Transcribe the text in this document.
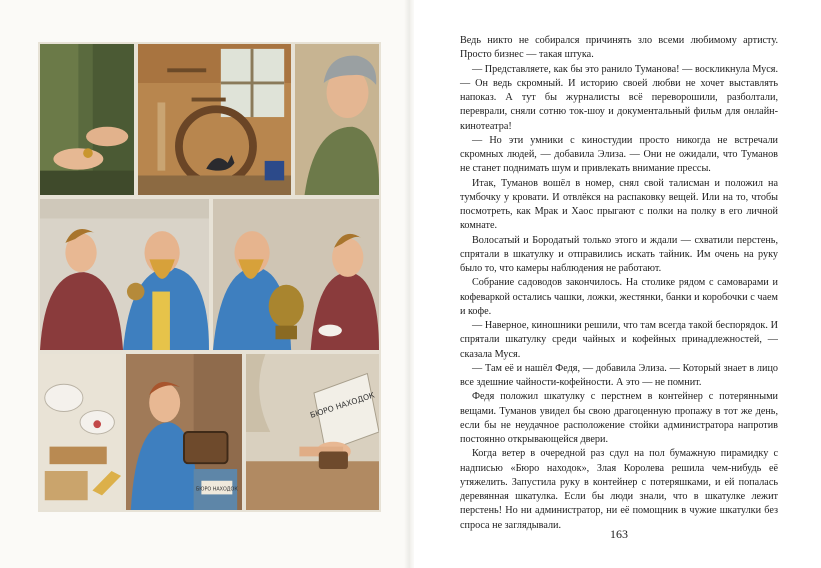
БЮРО НАХОДОК
БЮРО НАХОДОК

Ведь никто не собирался причинять зло всеми любимому артисту. Просто бизнес — такая штука.

— Представляете, как бы это ранило Туманова! — воскликнула Муся. — Он ведь скромный. И историю своей любви не хочет выставлять напоказ. А тут бы журналисты всё переворошили, разболтали, переврали, сняли сотню ток-шоу и документальный фильм для онлайн-кинотеатра!

— Но эти умники с киностудии просто никогда не встречали скромных людей, — добавила Элиза. — Они не ожидали, что Туманов не станет поднимать шум и привлекать внимание прессы.

Итак, Туманов вошёл в номер, снял свой талисман и положил на тумбочку у кровати. И отвлёкся на распаковку вещей. Или на то, чтобы посмотреть, как Мрак и Хаос прыгают с полки на полку в его личной комнате.

Волосатый и Бородатый только этого и ждали — схватили перстень, спрятали в шкатулку и отправились искать тайник. Им очень на руку было то, что камеры наблюдения не работают.

Собрание садоводов закончилось. На столике рядом с самоварами и кофеваркой остались чашки, ложки, жестянки, банки и коробочки с чаем и кофе.

— Наверное, киношники решили, что там всегда такой беспорядок. И спрятали шкатулку среди чайных и кофейных принадлежностей, — сказала Муся.

— Там её и нашёл Федя, — добавила Элиза. — Который знает в лицо все здешние чайности-кофейности. А это — не помнит.

Федя положил шкатулку с перстнем в контейнер с потерянными вещами. Туманов увидел бы свою драгоценную пропажу в тот же день, если бы не неудачное расположение стойки администратора напротив постоянно открывающейся двери.

Когда ветер в очередной раз сдул на пол бумажную пирамидку с надписью «Бюро находок», Злая Королева решила чем-нибудь её утяжелить. Запустила руку в контейнер с потеряшками, и ей попалась деревянная шкатулка. Если бы люди знали, что в шкатулке лежит перстень! Но ни администратор, ни её помощник в чужие шкатулки без спроса не заглядывали.

163
